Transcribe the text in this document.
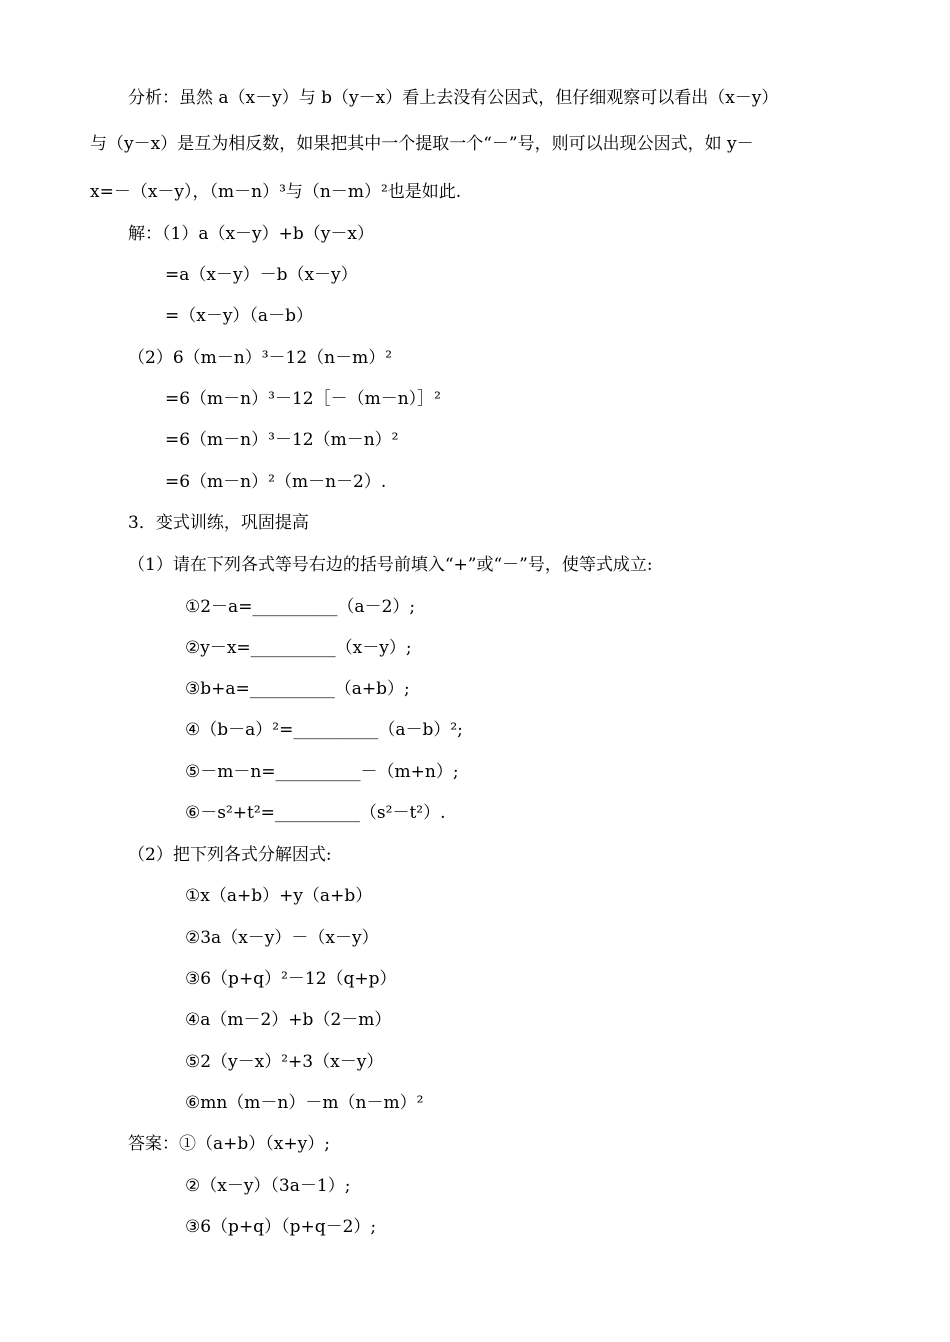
分析：虽然 a（x－y）与 b（y－x）看上去没有公因式，但仔细观察可以看出（x－y）
与（y－x）是互为相反数，如果把其中一个提取一个“－”号，则可以出现公因式，如 y－
x=－（x－y），（m－n）³与（n－m）²也是如此.
解：（1）a（x－y）+b（y－x）
=a（x－y）－b（x－y）
=（x－y）（a－b）
（2）6（m－n）³－12（n－m）²
=6（m－n）³－12［－（m－n）］²
=6（m－n）³－12（m－n）²
=6（m－n）²（m－n－2）.
3．变式训练，巩固提高
（1）请在下列各式等号右边的括号前填入“+”或“－”号，使等式成立:
①2－a=__________（a－2）;
②y－x=__________（x－y）;
③b+a=__________（a+b）;
④（b－a）²=__________（a－b）²;
⑤－m－n=__________－（m+n）;
⑥－s²+t²=__________（s²－t²）.
（2）把下列各式分解因式:
①x（a+b）+y（a+b）
②3a（x－y）－（x－y）
③6（p+q）²－12（q+p）
④a（m－2）+b（2－m）
⑤2（y－x）²+3（x－y）
⑥mn（m－n）－m（n－m）²
答案：①（a+b）（x+y）;
②（x－y）（3a－1）;
③6（p+q）（p+q－2）;
